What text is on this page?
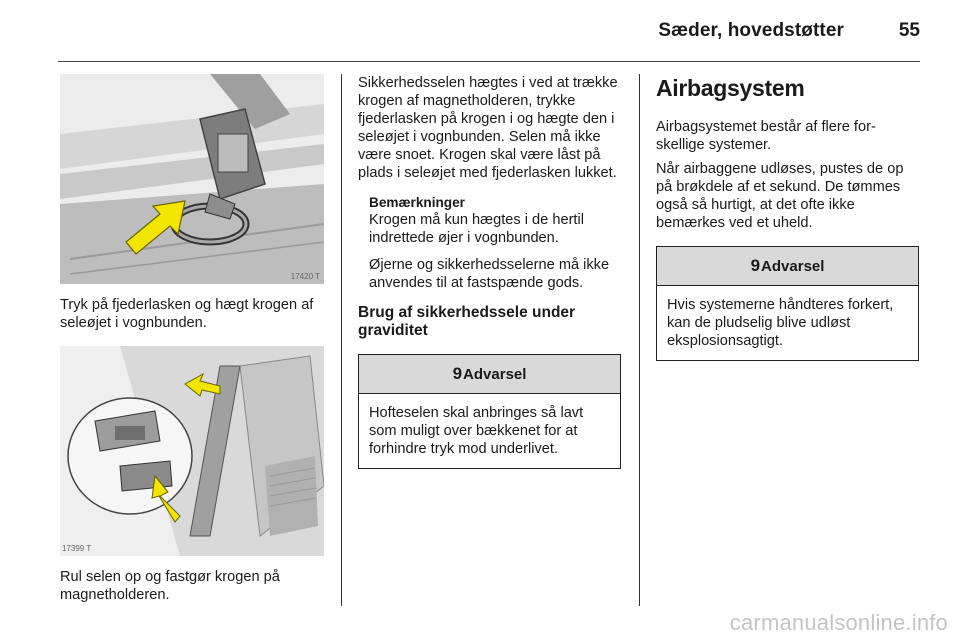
Sæder, hovedstøtter	55
17420 T

Tryk på fjederlasken og hægt krogen af seleøjet i vognbunden.

17399 T

Rul selen op og fastgør krogen på magnetholderen.

Sikkerhedsselen hægtes i ved at trække krogen af magnetholderen, trykke fjederlasken på krogen i og hægte den i seleøjet i vognbunden. Selen må ikke være snoet. Krogen skal være låst på plads i seleøjet med fjederlasken lukket.

Bemærkninger

Krogen må kun hægtes i de hertil indrettede øjer i vognbunden.

Øjerne og sikkerhedsselerne må ikke anvendes til at fastspænde gods.

Brug af sikkerhedssele under graviditet
9 Advarsel
Hofteselen skal anbringes så lavt som muligt over bækkenet for at forhindre tryk mod underlivet.
Airbagsystem

Airbagsystemet består af flere forskellige systemer.

Når airbaggene udløses, pustes de op på brøkdele af et sekund. De tømmes også så hurtigt, at det ofte ikke bemærkes ved et uheld.

9 Advarsel
Hvis systemerne håndteres forkert, kan de pludselig blive udløst eksplosionsagtigt.
carmanualsonline.info
